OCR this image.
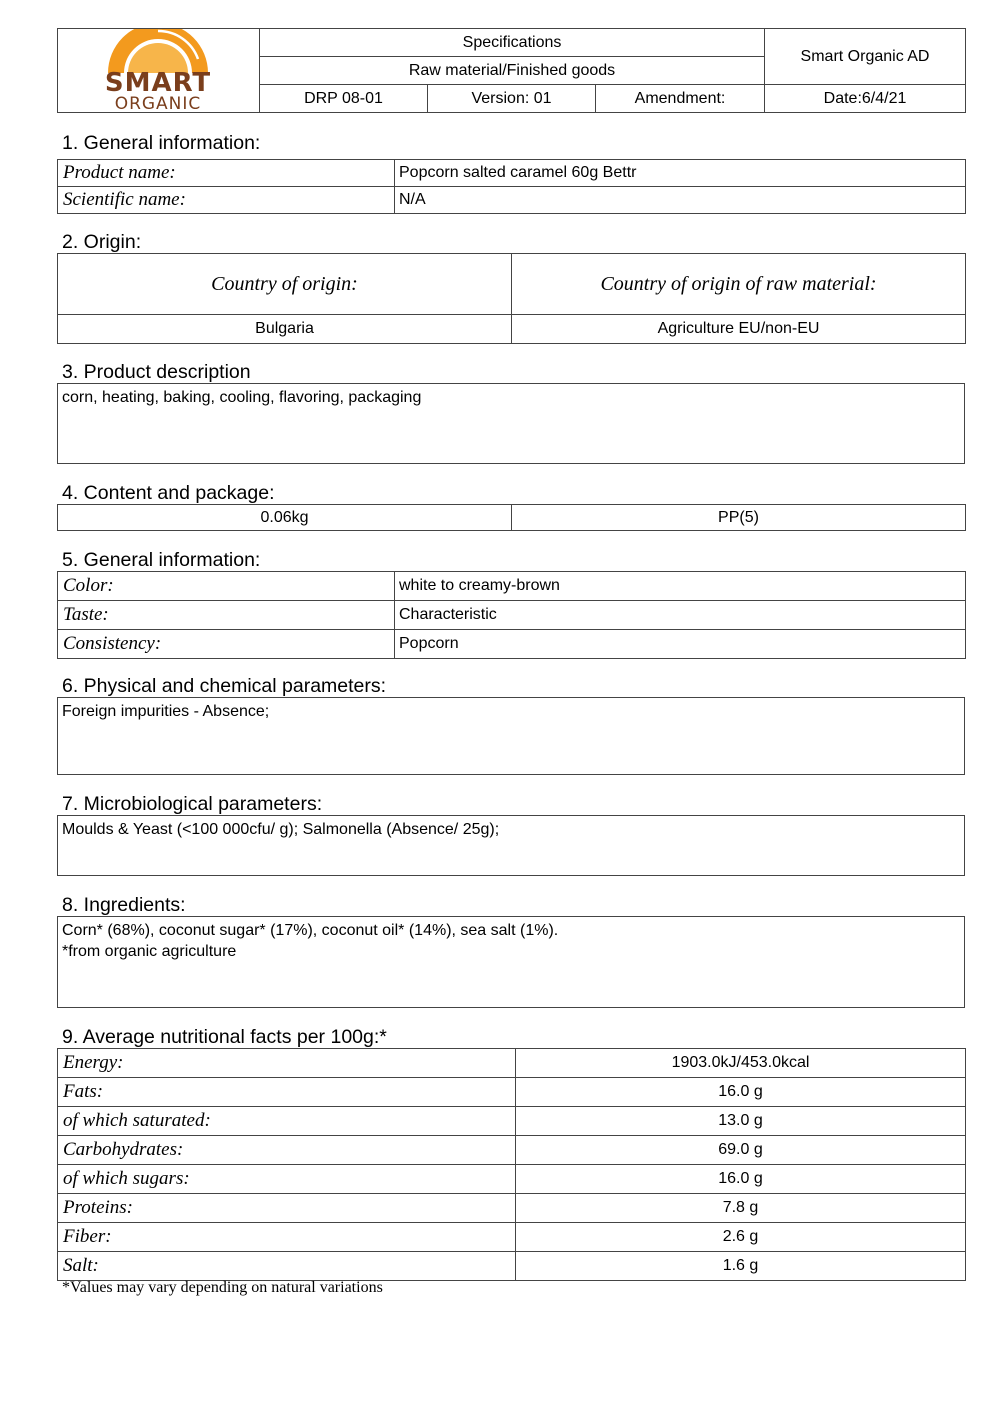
SMART
ORGANIC	Specifications			Smart Organic AD
	Raw material/Finished goods			
	DRP 08-01	Version: 01	Amendment:	Date:6/4/21
1. General information:
Product name:	Popcorn salted caramel 60g Bettr
Scientific name:	N/A
2. Origin:
Country of origin:	Country of origin of raw material:
Bulgaria	Agriculture EU/non-EU
3. Product description
corn, heating, baking, cooling, flavoring, packaging
4. Content and package:
0.06kg	PP(5)
5. General information:
Color:	white to creamy-brown
Taste:	Characteristic
Consistency:	Popcorn
6. Physical and chemical parameters:
Foreign impurities - Absence;
7. Microbiological parameters:
Moulds & Yeast (<100 000cfu/ g); Salmonella (Absence/ 25g);
8. Ingredients:
Corn* (68%), coconut sugar* (17%), coconut oil* (14%), sea salt (1%).
*from organic agriculture
9. Average nutritional facts per 100g:*
Energy:	1903.0kJ/453.0kcal
Fats:	16.0 g
of which saturated:	13.0 g
Carbohydrates:	69.0 g
of which sugars:	16.0 g
Proteins:	7.8 g
Fiber:	2.6 g
Salt:	1.6 g
*Values may vary depending on natural variations
